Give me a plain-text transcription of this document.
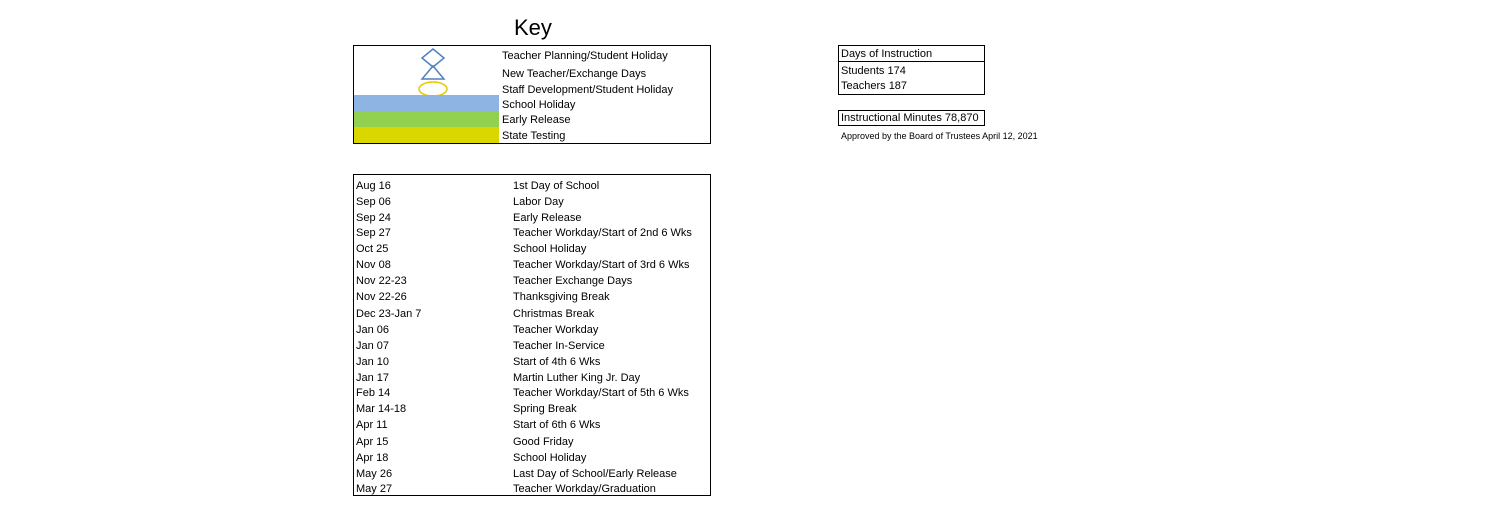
Key
Teacher Planning/Student Holiday
New Teacher/Exchange Days
Staff Development/Student Holiday
School Holiday
Early Release
State Testing
Aug 16	1st Day of School
Sep 06	Labor Day
Sep 24	Early Release
Sep 27	Teacher Workday/Start of 2nd 6 Wks
Oct 25	School Holiday
Nov 08	Teacher Workday/Start of 3rd 6 Wks
Nov 22-23	Teacher Exchange Days
Nov 22-26	Thanksgiving Break
Dec 23-Jan 7	Christmas Break
Jan 06	Teacher Workday
Jan 07	Teacher In-Service
Jan 10	Start of 4th 6 Wks
Jan 17	Martin Luther King Jr. Day
Feb 14	Teacher Workday/Start of 5th 6 Wks
Mar 14-18	Spring Break
Apr 11	Start of 6th 6 Wks
Apr 15	Good Friday
Apr 18	School Holiday
May 26	Last Day of School/Early Release
May 27	Teacher Workday/Graduation
Days of Instruction
Students 174
Teachers 187
Instructional Minutes 78,870
Approved by the Board of Trustees April 12, 2021
